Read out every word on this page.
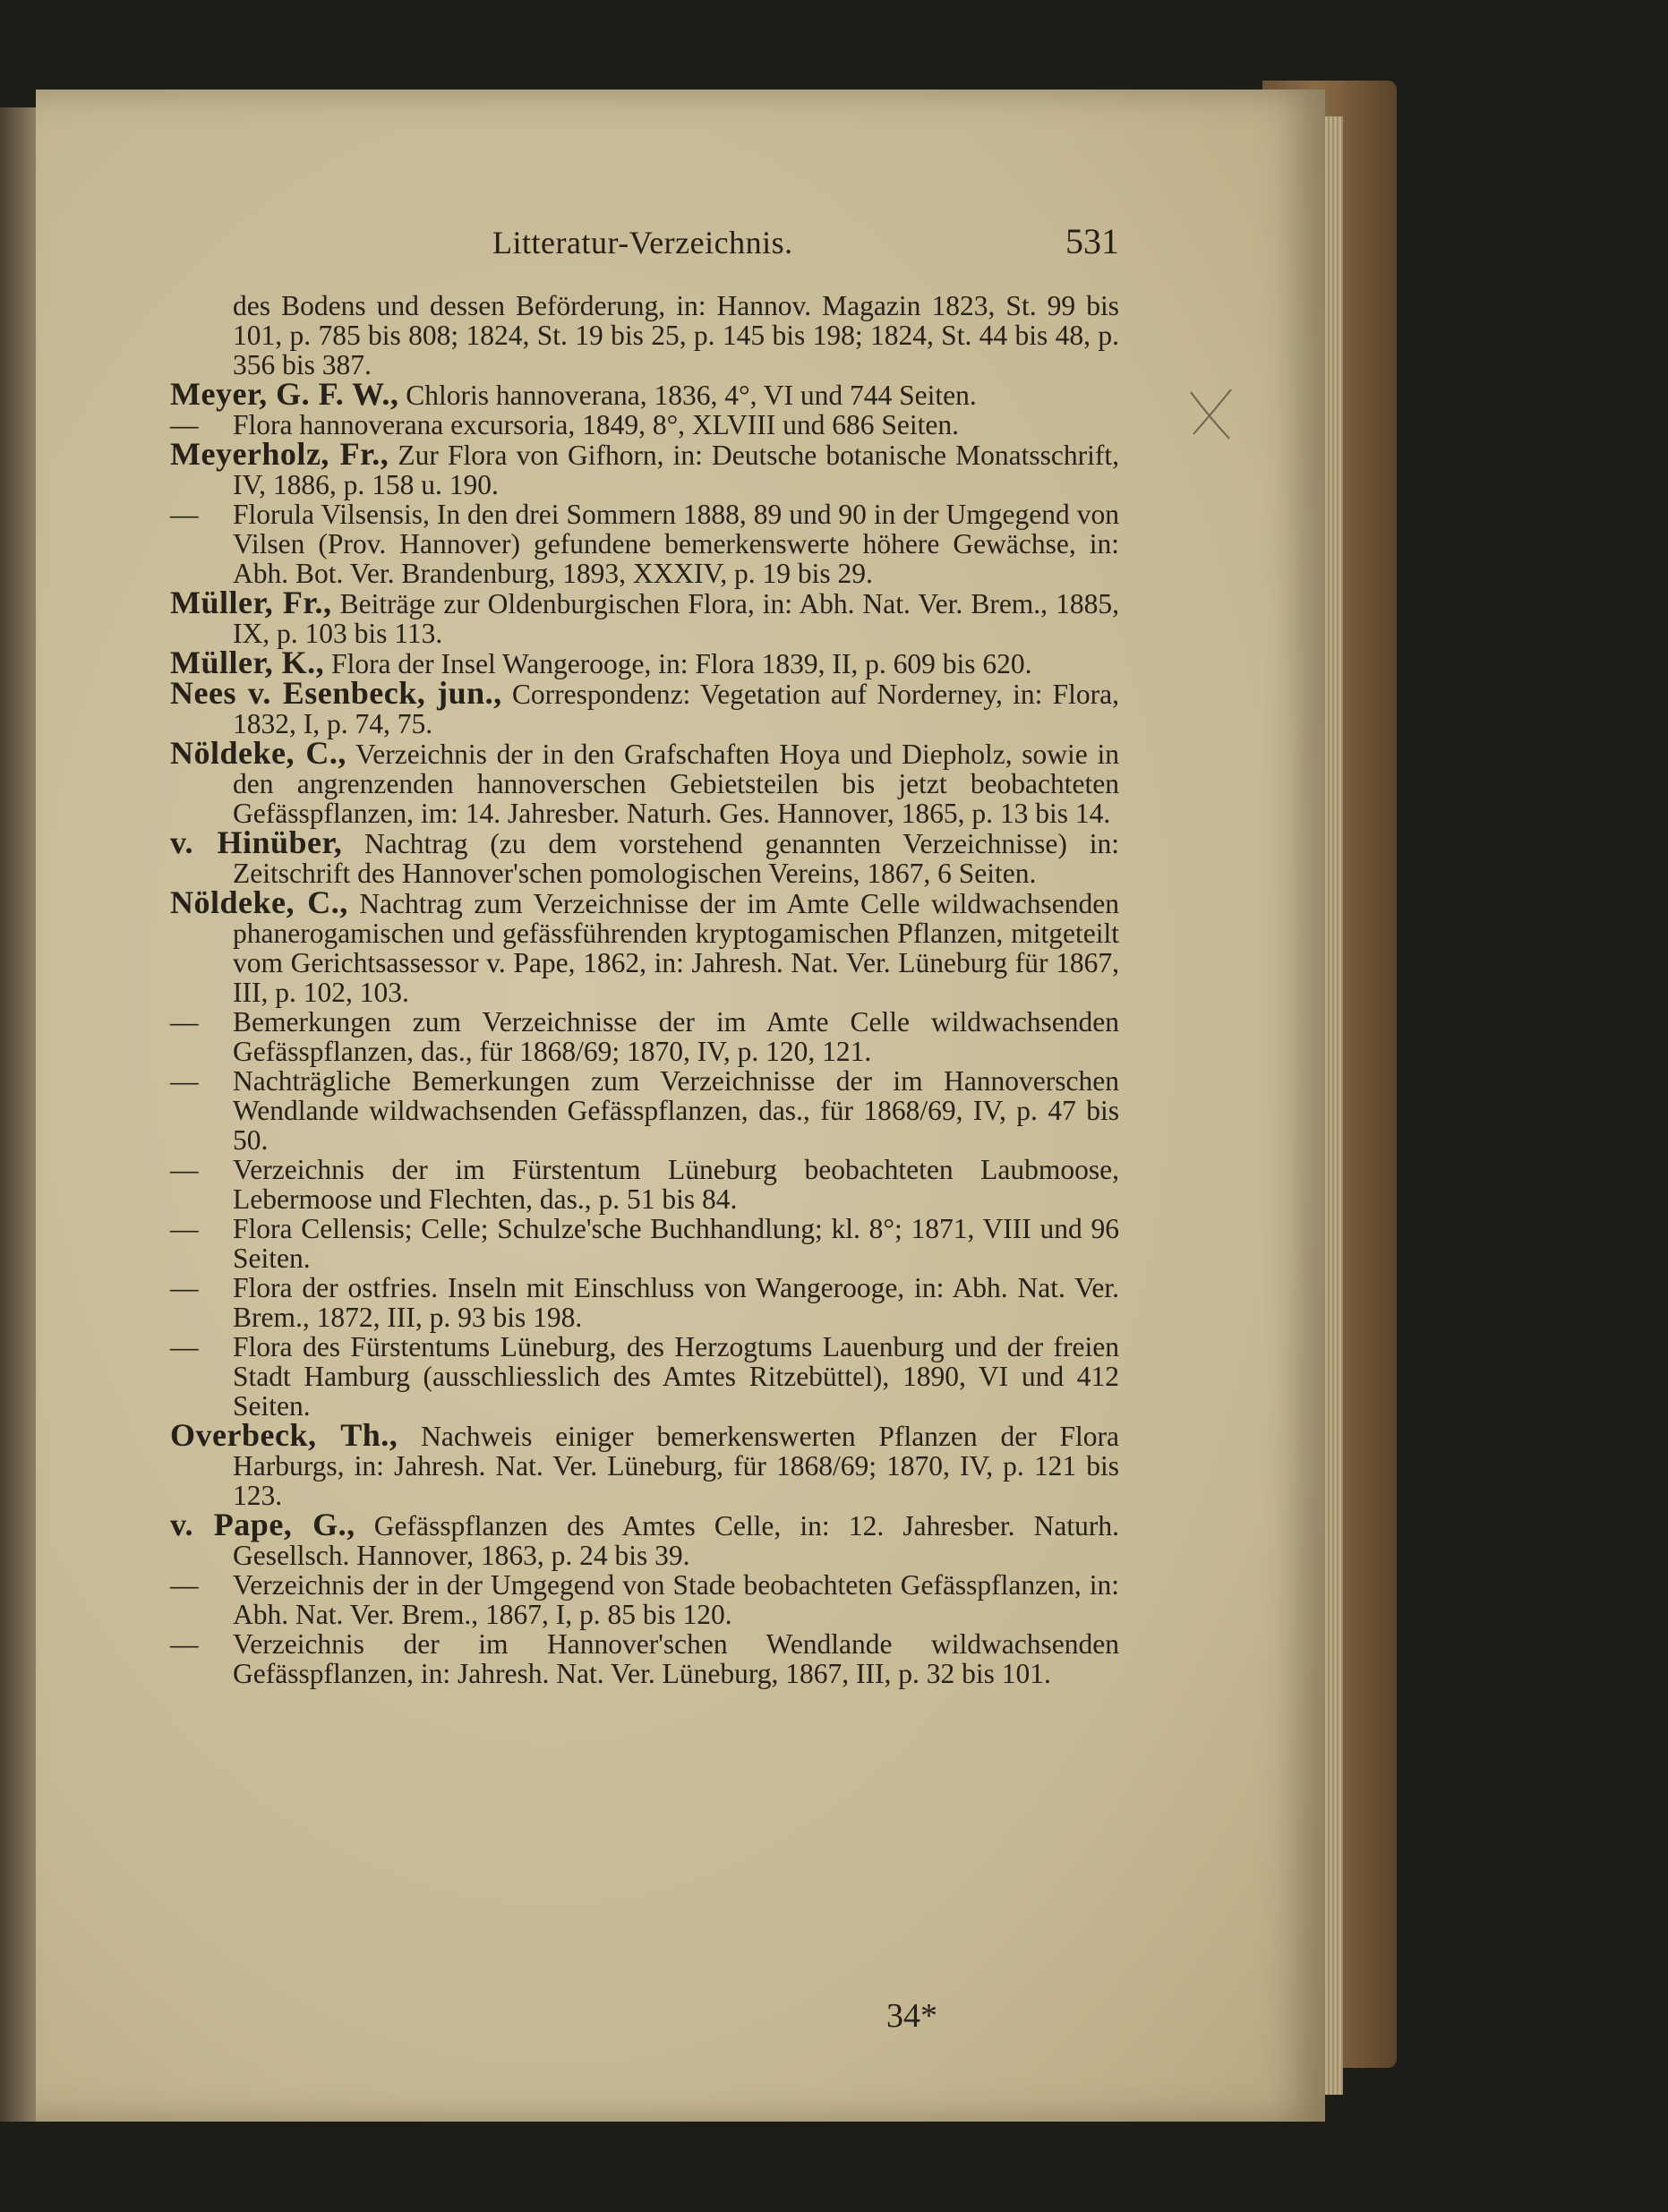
Litteratur-Verzeichnis.	531

des Bodens und dessen Beförderung, in: Hannov. Magazin 1823, St. 99 bis 101, p. 785 bis 808; 1824, St. 19 bis 25, p. 145 bis 198; 1824, St. 44 bis 48, p. 356 bis 387.

Meyer, G. F. W., Chloris hannoverana, 1836, 4°, VI und 744 Seiten.

— Flora hannoverana excursoria, 1849, 8°, XLVIII und 686 Seiten.

Meyerholz, Fr., Zur Flora von Gifhorn, in: Deutsche botanische Monatsschrift, IV, 1886, p. 158 u. 190.

— Florula Vilsensis, In den drei Sommern 1888, 89 und 90 in der Umgegend von Vilsen (Prov. Hannover) gefundene bemerkenswerte höhere Gewächse, in: Abh. Bot. Ver. Brandenburg, 1893, XXXIV, p. 19 bis 29.

Müller, Fr., Beiträge zur Oldenburgischen Flora, in: Abh. Nat. Ver. Brem., 1885, IX, p. 103 bis 113.

Müller, K., Flora der Insel Wangerooge, in: Flora 1839, II, p. 609 bis 620.

Nees v. Esenbeck, jun., Correspondenz: Vegetation auf Norderney, in: Flora, 1832, I, p. 74, 75.

Nöldeke, C., Verzeichnis der in den Grafschaften Hoya und Diepholz, sowie in den angrenzenden hannoverschen Gebietsteilen bis jetzt beobachteten Gefässpflanzen, im: 14. Jahresber. Naturh. Ges. Hannover, 1865, p. 13 bis 14.

v. Hinüber, Nachtrag (zu dem vorstehend genannten Verzeichnisse) in: Zeitschrift des Hannover'schen pomologischen Vereins, 1867, 6 Seiten.

Nöldeke, C., Nachtrag zum Verzeichnisse der im Amte Celle wildwachsenden phanerogamischen und gefässführenden kryptogamischen Pflanzen, mitgeteilt vom Gerichtsassessor v. Pape, 1862, in: Jahresh. Nat. Ver. Lüneburg für 1867, III, p. 102, 103.

— Bemerkungen zum Verzeichnisse der im Amte Celle wildwachsenden Gefässpflanzen, das., für 1868/69; 1870, IV, p. 120, 121.

— Nachträgliche Bemerkungen zum Verzeichnisse der im Hannoverschen Wendlande wildwachsenden Gefässpflanzen, das., für 1868/69, IV, p. 47 bis 50.

— Verzeichnis der im Fürstentum Lüneburg beobachteten Laubmoose, Lebermoose und Flechten, das., p. 51 bis 84.

— Flora Cellensis; Celle; Schulze'sche Buchhandlung; kl. 8°; 1871, VIII und 96 Seiten.

— Flora der ostfries. Inseln mit Einschluss von Wangerooge, in: Abh. Nat. Ver. Brem., 1872, III, p. 93 bis 198.

— Flora des Fürstentums Lüneburg, des Herzogtums Lauenburg und der freien Stadt Hamburg (ausschliesslich des Amtes Ritzebüttel), 1890, VI und 412 Seiten.

Overbeck, Th., Nachweis einiger bemerkenswerten Pflanzen der Flora Harburgs, in: Jahresh. Nat. Ver. Lüneburg, für 1868/69; 1870, IV, p. 121 bis 123.

v. Pape, G., Gefässpflanzen des Amtes Celle, in: 12. Jahresber. Naturh. Gesellsch. Hannover, 1863, p. 24 bis 39.

— Verzeichnis der in der Umgegend von Stade beobachteten Gefässpflanzen, in: Abh. Nat. Ver. Brem., 1867, I, p. 85 bis 120.

— Verzeichnis der im Hannover'schen Wendlande wildwachsenden Gefässpflanzen, in: Jahresh. Nat. Ver. Lüneburg, 1867, III, p. 32 bis 101.

34*
